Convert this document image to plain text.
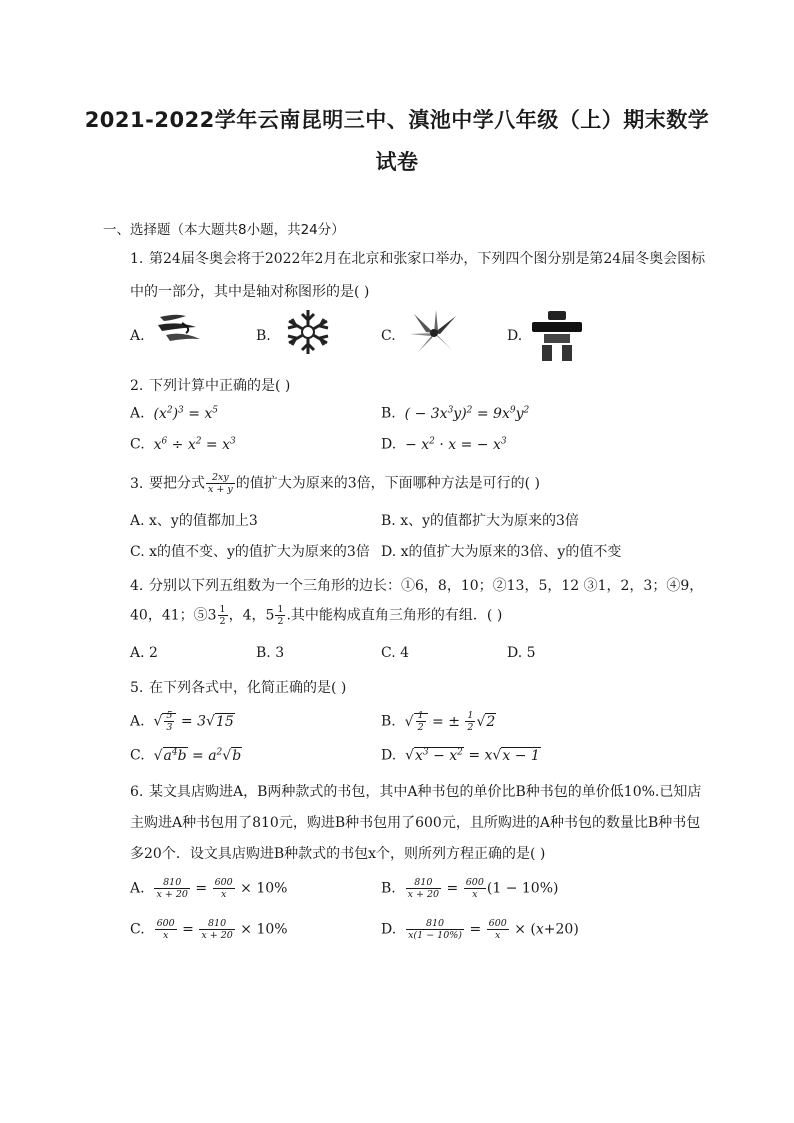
2021-2022学年云南昆明三中、滇池中学八年级（上）期末数学
试卷
一、选择题（本大题共8小题，共24分）
1. 第24届冬奥会将于2022年2月在北京和张家口举办，下列四个图分别是第24届冬奥会图标
中的一部分，其中是轴对称图形的是( )
A.	B.	C.	D.
2. 下列计算中正确的是( )
A. $(x^2)^3 = x^5$	B. ( − $3x^3y)^2 = 9x^9y^2$
C. $x^6 \div x^2 = x^3$	D. − $x^2 \cdot x$ = − $x^3$
3. 要把分式 $\frac{2xy}{x + y}$ 的值扩大为原来的3倍，下面哪种方法是可行的( )
A. x、y的值都加上3	B. x、y的值都扩大为原来的3倍
C. x的值不变、y的值扩大为原来的3倍 D. x的值扩大为原来的3倍、y的值不变
4. 分别以下列五组数为一个三角形的边长：①6，8，10；②13，5，12 ③1，2，3；④9，
40，41；⑤3 $\frac{1}{2}$ ，4，$5 \frac{1}{2}$ .其中能构成直角三角形的有组．( )
A. 2	B. 3	C. 4	D. 5
5. 在下列各式中，化简正确的是( )
A.  √ $\frac{5}{3} = 3√15$	B.  √ $\frac{1}{2}$ = ± $\frac{1}{2} √2$
C.  $√a^4b = a^2√b$	D.  $√x^3 - x^2 = x√x - 1$
6. 某文具店购进A，B两种款式的书包，其中A种书包的单价比B种书包的单价低10%.已知店
主购进A种书包用了810元，购进B种书包用了600元，且所购进的A种书包的数量比B种书包
多20个．设文具店购进B种款式的书包x个，则所列方程正确的是( )
A. $\frac{810}{x + 20} = \frac{600}{x} \times 10\%$	B. $\frac{810}{x + 20} = \frac{600}{x} (1 - 10\%)$
C. $\frac{600}{x} = \frac{810}{x + 20} \times 10\%$	D. $\frac{810}{x(1 - 10\%)} = \frac{600}{x} \times (x+20)$
